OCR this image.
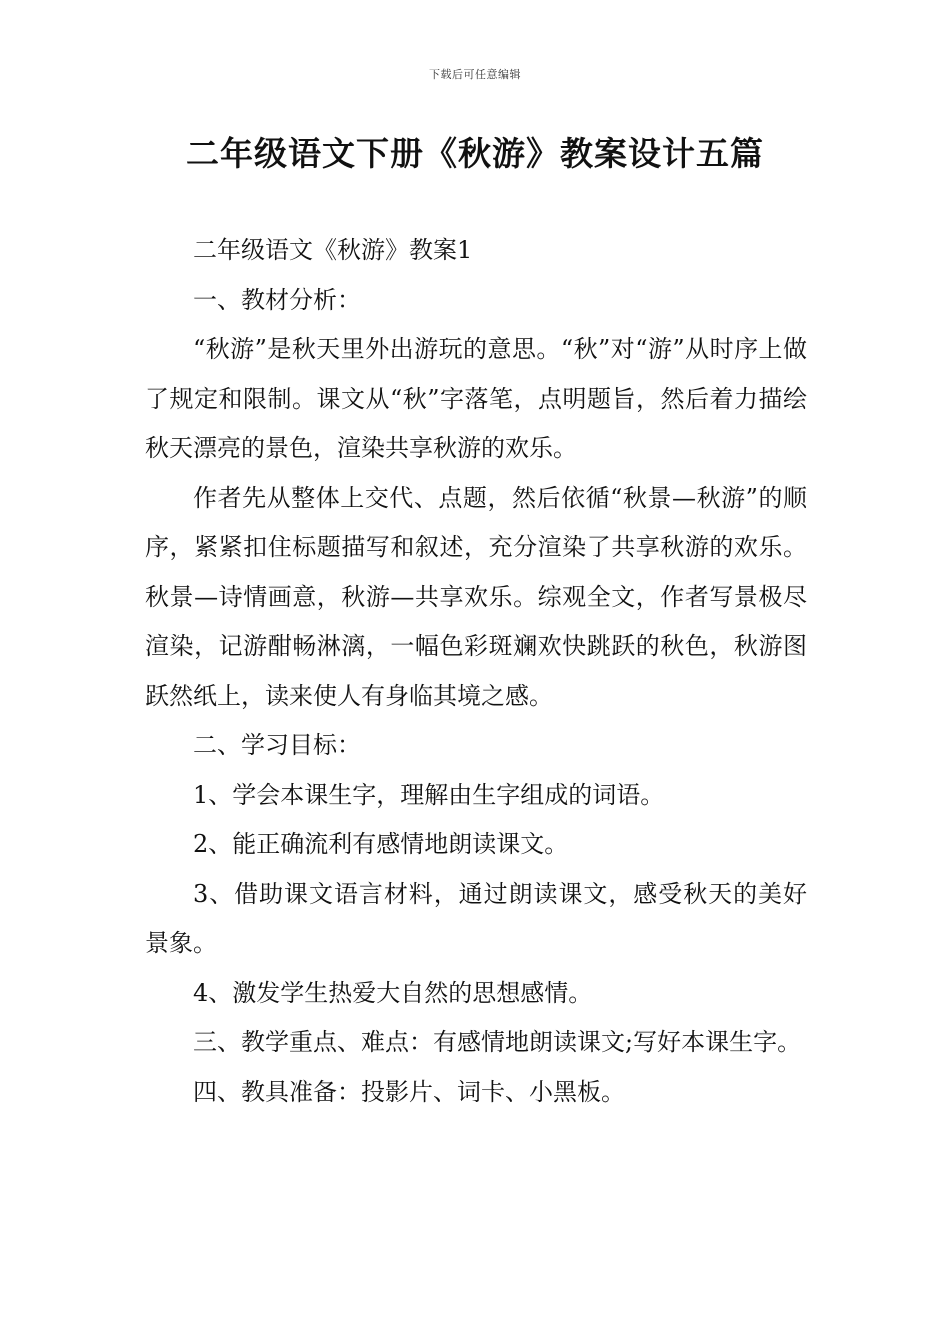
下载后可任意编辑
二年级语文下册《秋游》教案设计五篇

二年级语文《秋游》教案1

一、教材分析：

“秋游”是秋天里外出游玩的意思。“秋”对“游”从时序上做了规定和限制。课文从“秋”字落笔，点明题旨，然后着力描绘秋天漂亮的景色，渲染共享秋游的欢乐。

作者先从整体上交代、点题，然后依循“秋景—秋游”的顺序，紧紧扣住标题描写和叙述，充分渲染了共享秋游的欢乐。秋景—诗情画意，秋游—共享欢乐。综观全文，作者写景极尽渲染，记游酣畅淋漓，一幅色彩斑斓欢快跳跃的秋色，秋游图跃然纸上，读来使人有身临其境之感。

二、学习目标：

1、学会本课生字，理解由生字组成的词语。

2、能正确流利有感情地朗读课文。

3、借助课文语言材料，通过朗读课文，感受秋天的美好景象。

4、激发学生热爱大自然的思想感情。

三、教学重点、难点：有感情地朗读课文;写好本课生字。

四、教具准备：投影片、词卡、小黑板。
